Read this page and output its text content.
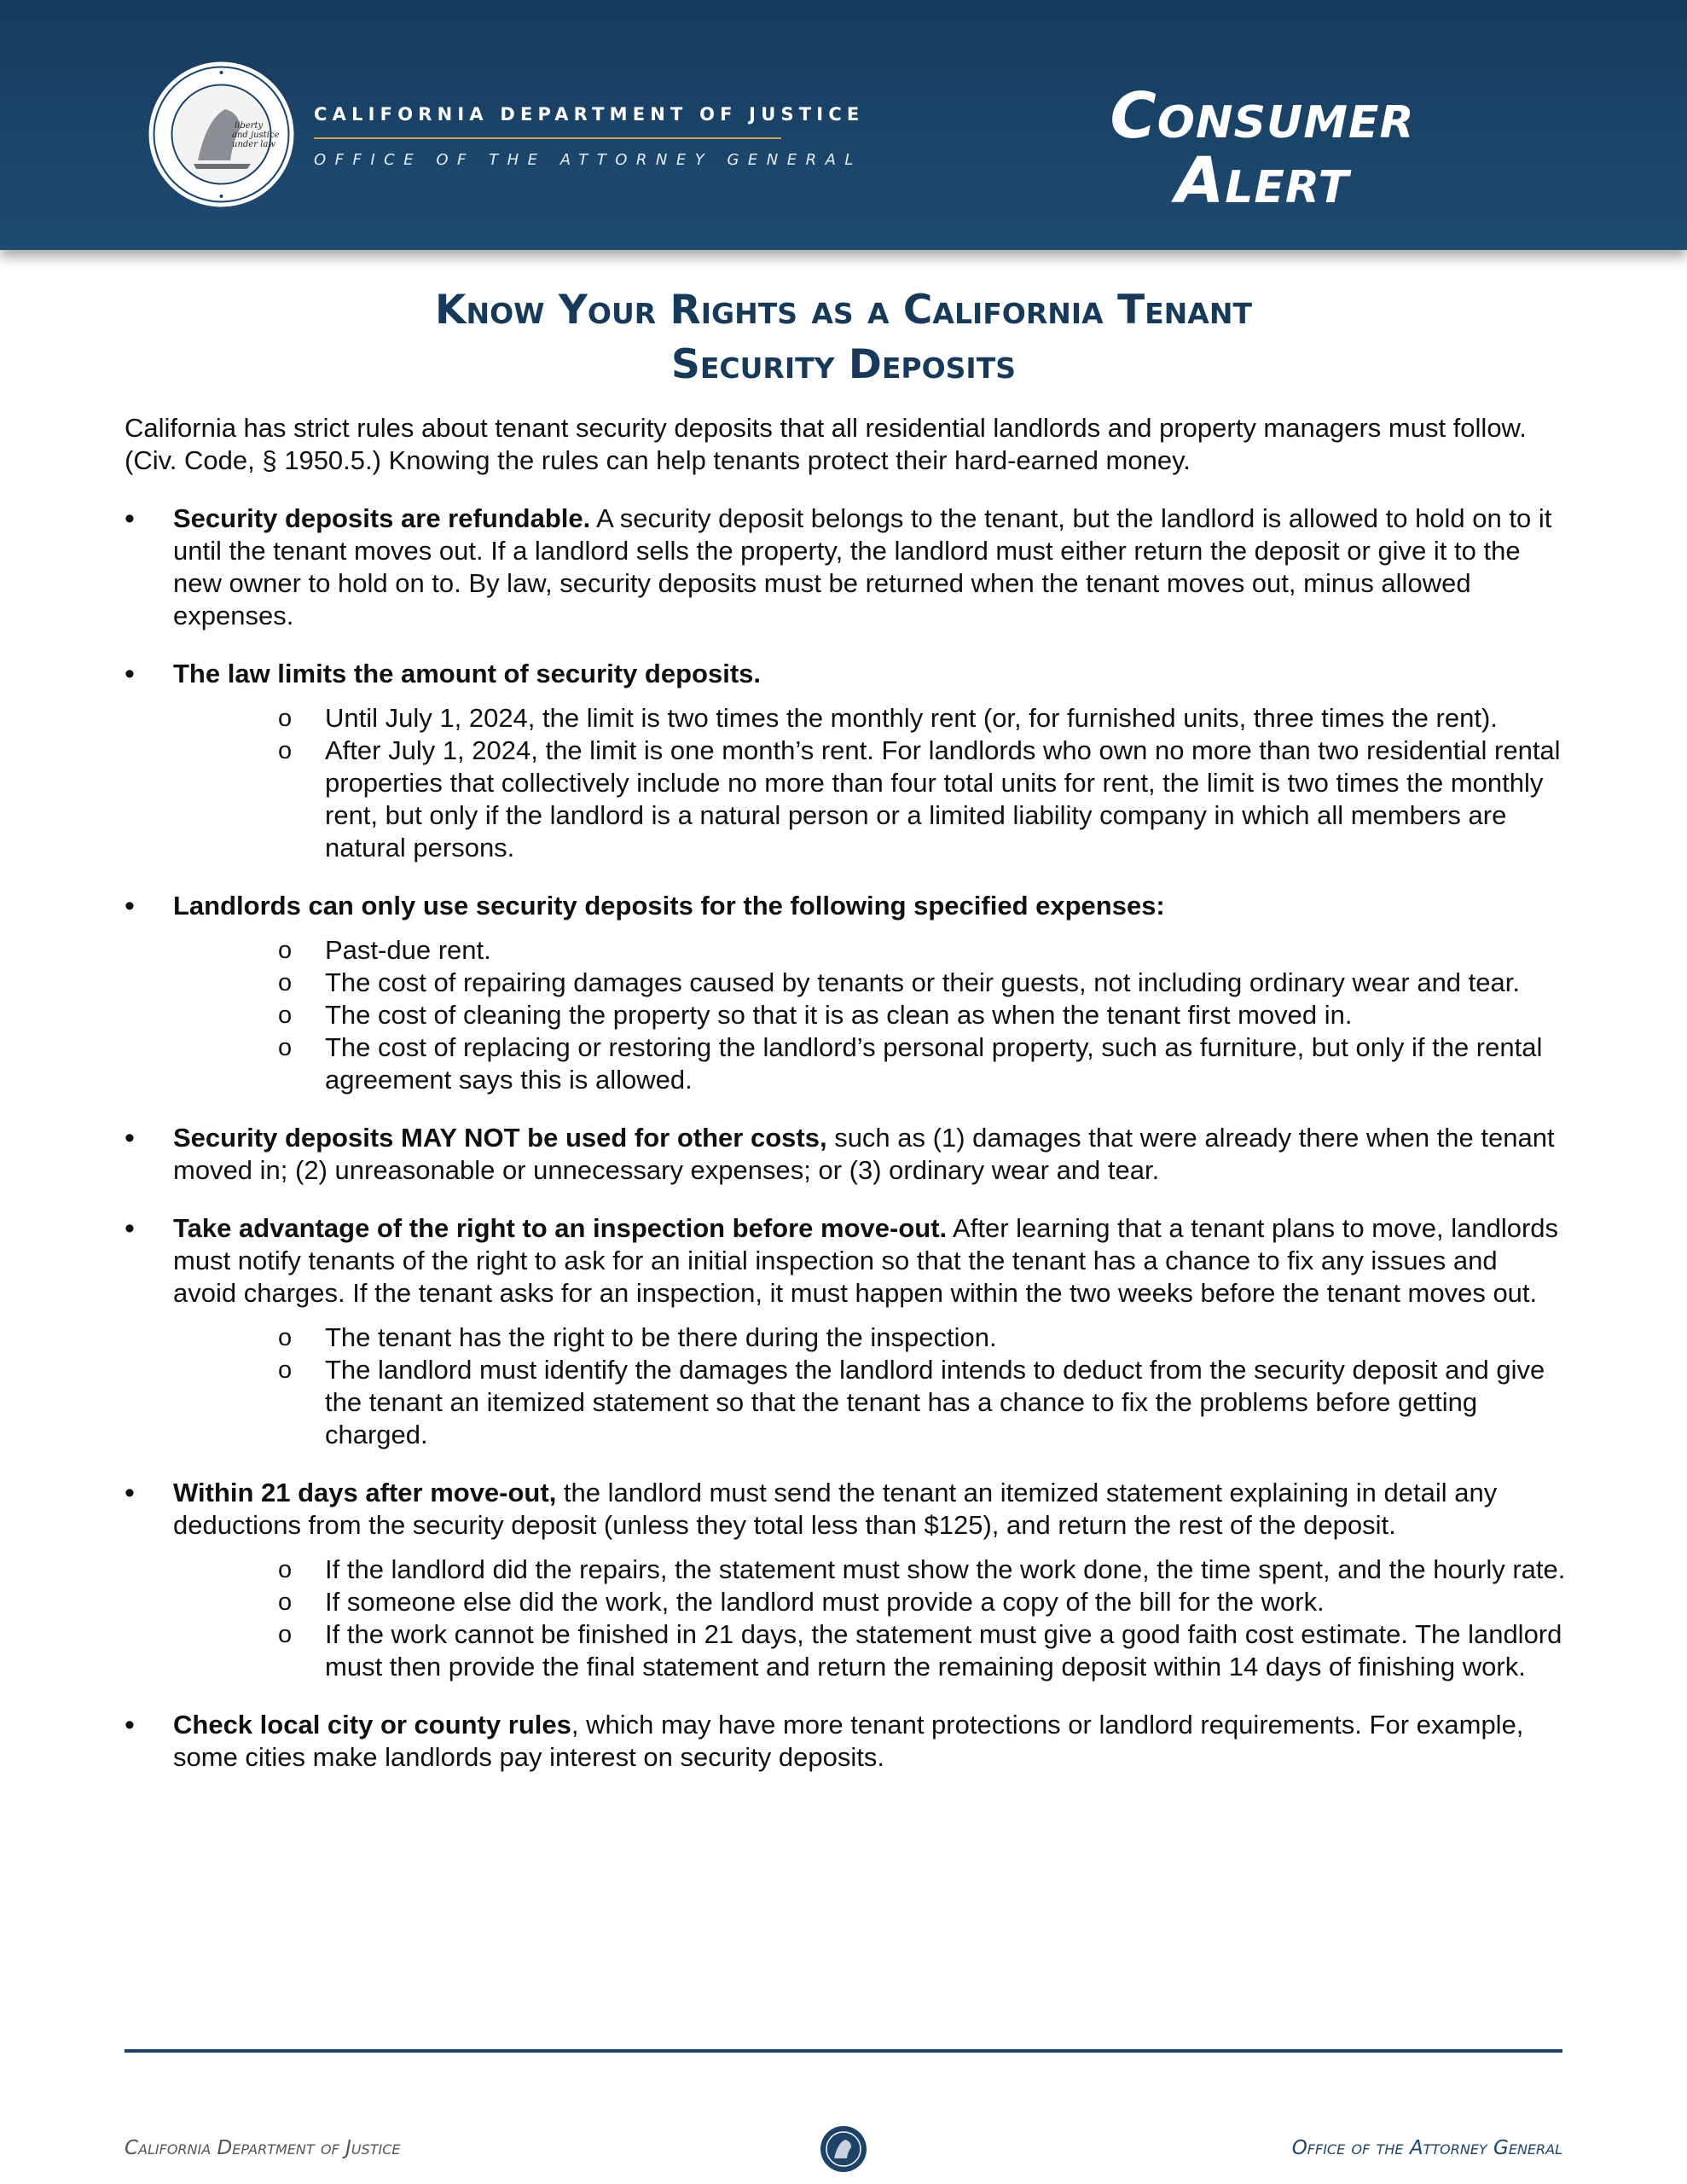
liberty
and justice
under law
CALIFORNIA DEPARTMENT OF JUSTICE
OFFICE OF THE ATTORNEY GENERAL
Consumer
Alert
Know Your Rights as a California Tenant
Security Deposits

California has strict rules about tenant security deposits that all residential landlords and property managers must follow. (Civ. Code, § 1950.5.) Knowing the rules can help tenants protect their hard-earned money.

• Security deposits are refundable. A security deposit belongs to the tenant, but the landlord is allowed to hold on to it until the tenant moves out. If a landlord sells the property, the landlord must either return the deposit or give it to the new owner to hold on to. By law, security deposits must be returned when the tenant moves out, minus allowed expenses.
• The law limits the amount of security deposits.
o Until July 1, 2024, the limit is two times the monthly rent (or, for furnished units, three times the rent).
o After July 1, 2024, the limit is one month’s rent. For landlords who own no more than two residential rental properties that collectively include no more than four total units for rent, the limit is two times the monthly rent, but only if the landlord is a natural person or a limited liability company in which all members are natural persons.
• Landlords can only use security deposits for the following specified expenses:
o Past-due rent.
o The cost of repairing damages caused by tenants or their guests, not including ordinary wear and tear.
o The cost of cleaning the property so that it is as clean as when the tenant first moved in.
o The cost of replacing or restoring the landlord’s personal property, such as furniture, but only if the rental agreement says this is allowed.
• Security deposits MAY NOT be used for other costs, such as (1) damages that were already there when the tenant moved in; (2) unreasonable or unnecessary expenses; or (3) ordinary wear and tear.
• Take advantage of the right to an inspection before move-out. After learning that a tenant plans to move, landlords must notify tenants of the right to ask for an initial inspection so that the tenant has a chance to fix any issues and avoid charges. If the tenant asks for an inspection, it must happen within the two weeks before the tenant moves out.
o The tenant has the right to be there during the inspection.
o The landlord must identify the damages the landlord intends to deduct from the security deposit and give the tenant an itemized statement so that the tenant has a chance to fix the problems before getting charged.
• Within 21 days after move-out, the landlord must send the tenant an itemized statement explaining in detail any deductions from the security deposit (unless they total less than $125), and return the rest of the deposit.
o If the landlord did the repairs, the statement must show the work done, the time spent, and the hourly rate.
o If someone else did the work, the landlord must provide a copy of the bill for the work.
o If the work cannot be finished in 21 days, the statement must give a good faith cost estimate. The landlord must then provide the final statement and return the remaining deposit within 14 days of finishing work.
• Check local city or county rules, which may have more tenant protections or landlord requirements. For example, some cities make landlords pay interest on security deposits.
California Department of Justice	Office of the Attorney General
